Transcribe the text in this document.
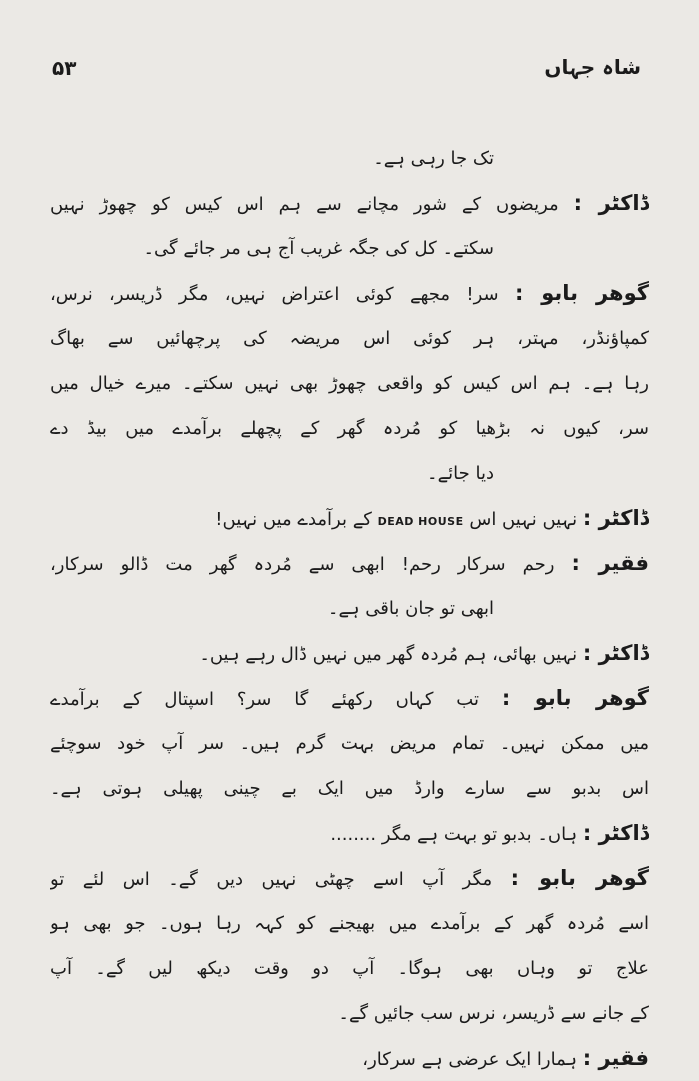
۵۳	شاہ جہاں
تک جا رہی ہے۔
ڈاکٹر : مریضوں کے شور مچانے سے ہم اس کیس کو چھوڑ نہیں
سکتے۔ کل کی جگہ غریب آج ہی مر جائے گی۔
گوھر بابو : سر! مجھے کوئی اعتراض نہیں، مگر ڈریسر، نرس،
کمپاؤنڈر، مہتر، ہر کوئی اس مریضہ کی پرچھائیں سے بھاگ
رہا ہے۔ ہم اس کیس کو واقعی چھوڑ بھی نہیں سکتے۔ میرے خیال میں
سر، کیوں نہ بڑھیا کو مُردہ گھر کے پچھلے برآمدے میں بیڈ دے
دیا جائے۔
ڈاکٹر : نہیں نہیں اس DEAD HOUSE کے برآمدے میں نہیں!
فقیر : رحم سرکار رحم! ابھی سے مُردہ گھر مت ڈالو سرکار،
ابھی تو جان باقی ہے۔
ڈاکٹر : نہیں بھائی، ہم مُردہ گھر میں نہیں ڈال رہے ہیں۔
گوھر بابو : تب کہاں رکھئے گا سر؟ اسپتال کے برآمدے
میں ممکن نہیں۔ تمام مریض بہت گرم ہیں۔ سر آپ خود سوچئے
اس بدبو سے سارے وارڈ میں ایک بے چینی پھیلی ہوتی ہے۔
ڈاکٹر : ہاں۔ بدبو تو بہت ہے مگر ........
گوھر بابو : مگر آپ اسے چھٹی نہیں دیں گے۔ اس لئے تو
اسے مُردہ گھر کے برآمدے میں بھیجنے کو کہہ رہا ہوں۔ جو بھی ہو
علاج تو وہاں بھی ہوگا۔ آپ دو وقت دیکھ لیں گے۔ آپ
کے جانے سے ڈریسر، نرس سب جائیں گے۔
فقیر : ہمارا ایک عرضی ہے سرکار،
